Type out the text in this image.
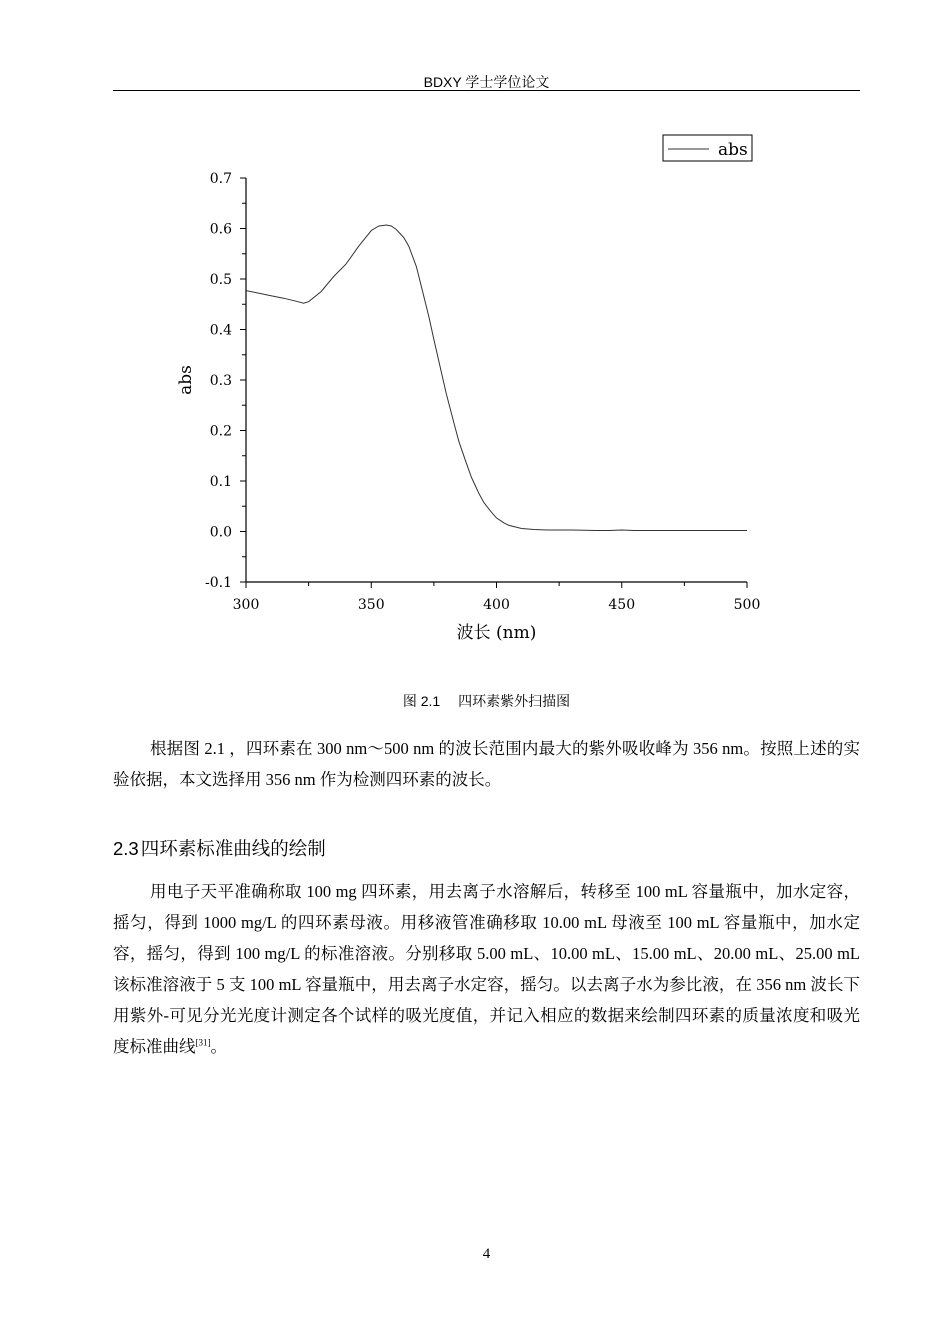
BDXY 学士学位论文
300	350	400	450	500
-0.1
0.0
0.1
0.2
0.3
0.4
0.5
0.6
0.7
abs
abs
波长 (nm)
图 2.1 四环素紫外扫描图

根据图 2.1 ，四环素在 300 nm～500 nm 的波长范围内最大的紫外吸收峰为 356 nm。按照上述的实验依据，本文选择用 356 nm 作为检测四环素的波长。

2.3 四环素标准曲线的绘制

用电子天平准确称取 100 mg 四环素，用去离子水溶解后，转移至 100 mL 容量瓶中，加水定容，摇匀，得到 1000 mg/L 的四环素母液。用移液管准确移取 10.00 mL 母液至 100 mL 容量瓶中，加水定容，摇匀，得到 100 mg/L 的标准溶液。分别移取 5.00 mL、10.00 mL、15.00 mL、20.00 mL、25.00 mL 该标准溶液于 5 支 100 mL 容量瓶中，用去离子水定容，摇匀。以去离子水为参比液，在 356 nm 波长下用紫外-可见分光光度计测定各个试样的吸光度值，并记入相应的数据来绘制四环素的质量浓度和吸光度标准曲线[31]。

4
